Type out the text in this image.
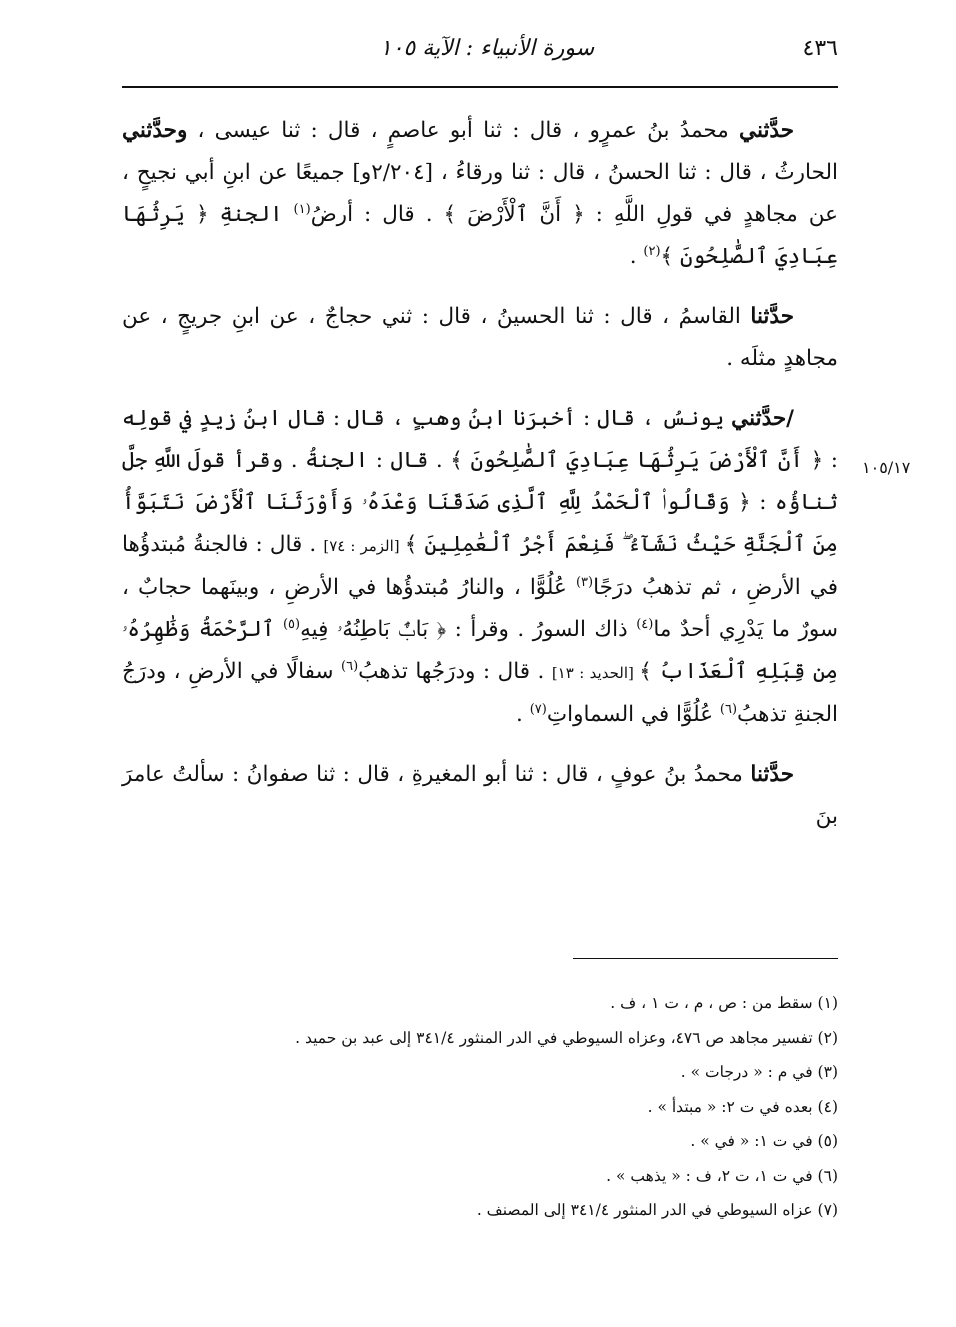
٤٣٦
سورة الأنبياء : الآية ١٠٥
١٠٥/١٧

حدَّثني محمدُ بنُ عمرٍو ، قال : ثنا أبو عاصمٍ ، قال : ثنا عيسى ، وحدَّثني الحارثُ ، قال : ثنا الحسنُ ، قال : ثنا ورقاءُ ، [٢/٢٠٤و] جميعًا عن ابنِ أبي نجيحٍ ، عن مجاهدٍ في قولِ اللَّهِ : ﴿ أَنَّ ٱلْأَرْضَ ﴾ . قال : أرضُ$^{(١)}$ الجنةِ ﴿ يَرِثُهَا عِبَادِيَ ٱلصَّٰلِحُونَ ﴾$^{(٢)}$ .

حدَّثنا القاسمُ ، قال : ثنا الحسينُ ، قال : ثني حجاجٌ ، عن ابنِ جريجٍ ، عن مجاهدٍ مثلَه .

/حدَّثني يونسُ ، قال : أخبرَنا ابنُ وهبٍ ، قال : قال ابنُ زيدٍ في قولِه : ﴿ أَنَّ ٱلْأَرْضَ يَرِثُهَا عِبَادِيَ ٱلصَّٰلِحُونَ ﴾ . قال : الجنةُ . وقرأ قولَ اللَّهِ جلَّ ثناؤُه : ﴿ وَقَالُوا۟ ٱلْحَمْدُ لِلَّهِ ٱلَّذِى صَدَقَنَا وَعْدَهُۥ وَأَوْرَثَنَا ٱلْأَرْضَ نَتَبَوَّأُ مِنَ ٱلْجَنَّةِ حَيْثُ نَشَآءُ ۖ فَنِعْمَ أَجْرُ ٱلْعَٰمِلِينَ ﴾ [الزمر : ٧٤] . قال : فالجنةُ مُبتدؤُها في الأرضِ ، ثم تذهبُ درَجًا$^{(٣)}$ عُلُوًّا ، والنارُ مُبتدؤُها في الأرضِ ، وبينَهما حجابٌ ، سورٌ ما يَدْرِي أحدٌ ما$^{(٤)}$ ذاك السورُ . وقرأ : ﴿ بَابٌۢ بَاطِنُهُۥ فِيهِ$^{(٥)}$ ٱلرَّحْمَةُ وَظَٰهِرُهُۥ مِن قِبَلِهِ ٱلْعَذَابُ ﴾ [الحديد : ١٣] . قال : ودرَجُها تذهبُ$^{(٦)}$ سفالًا في الأرضِ ، ودرَجُ الجنةِ تذهبُ$^{(٦)}$ عُلُوًّا في السماواتِ$^{(٧)}$ .

حدَّثنا محمدُ بنُ عوفٍ ، قال : ثنا أبو المغيرةِ ، قال : ثنا صفوانُ : سألتُ عامرَ بنَ

(١) سقط من : ص ، م ، ت ١ ، ف .
(٢) تفسير مجاهد ص ٤٧٦، وعزاه السيوطي في الدر المنثور ٣٤١/٤ إلى عبد بن حميد .
(٣) في م : « درجات » .
(٤) بعده في ت ٢: « مبتدأ » .
(٥) في ت ١: « في » .
(٦) في ت ١، ت ٢، ف : « يذهب » .
(٧) عزاه السيوطي في الدر المنثور ٣٤١/٤ إلى المصنف .
